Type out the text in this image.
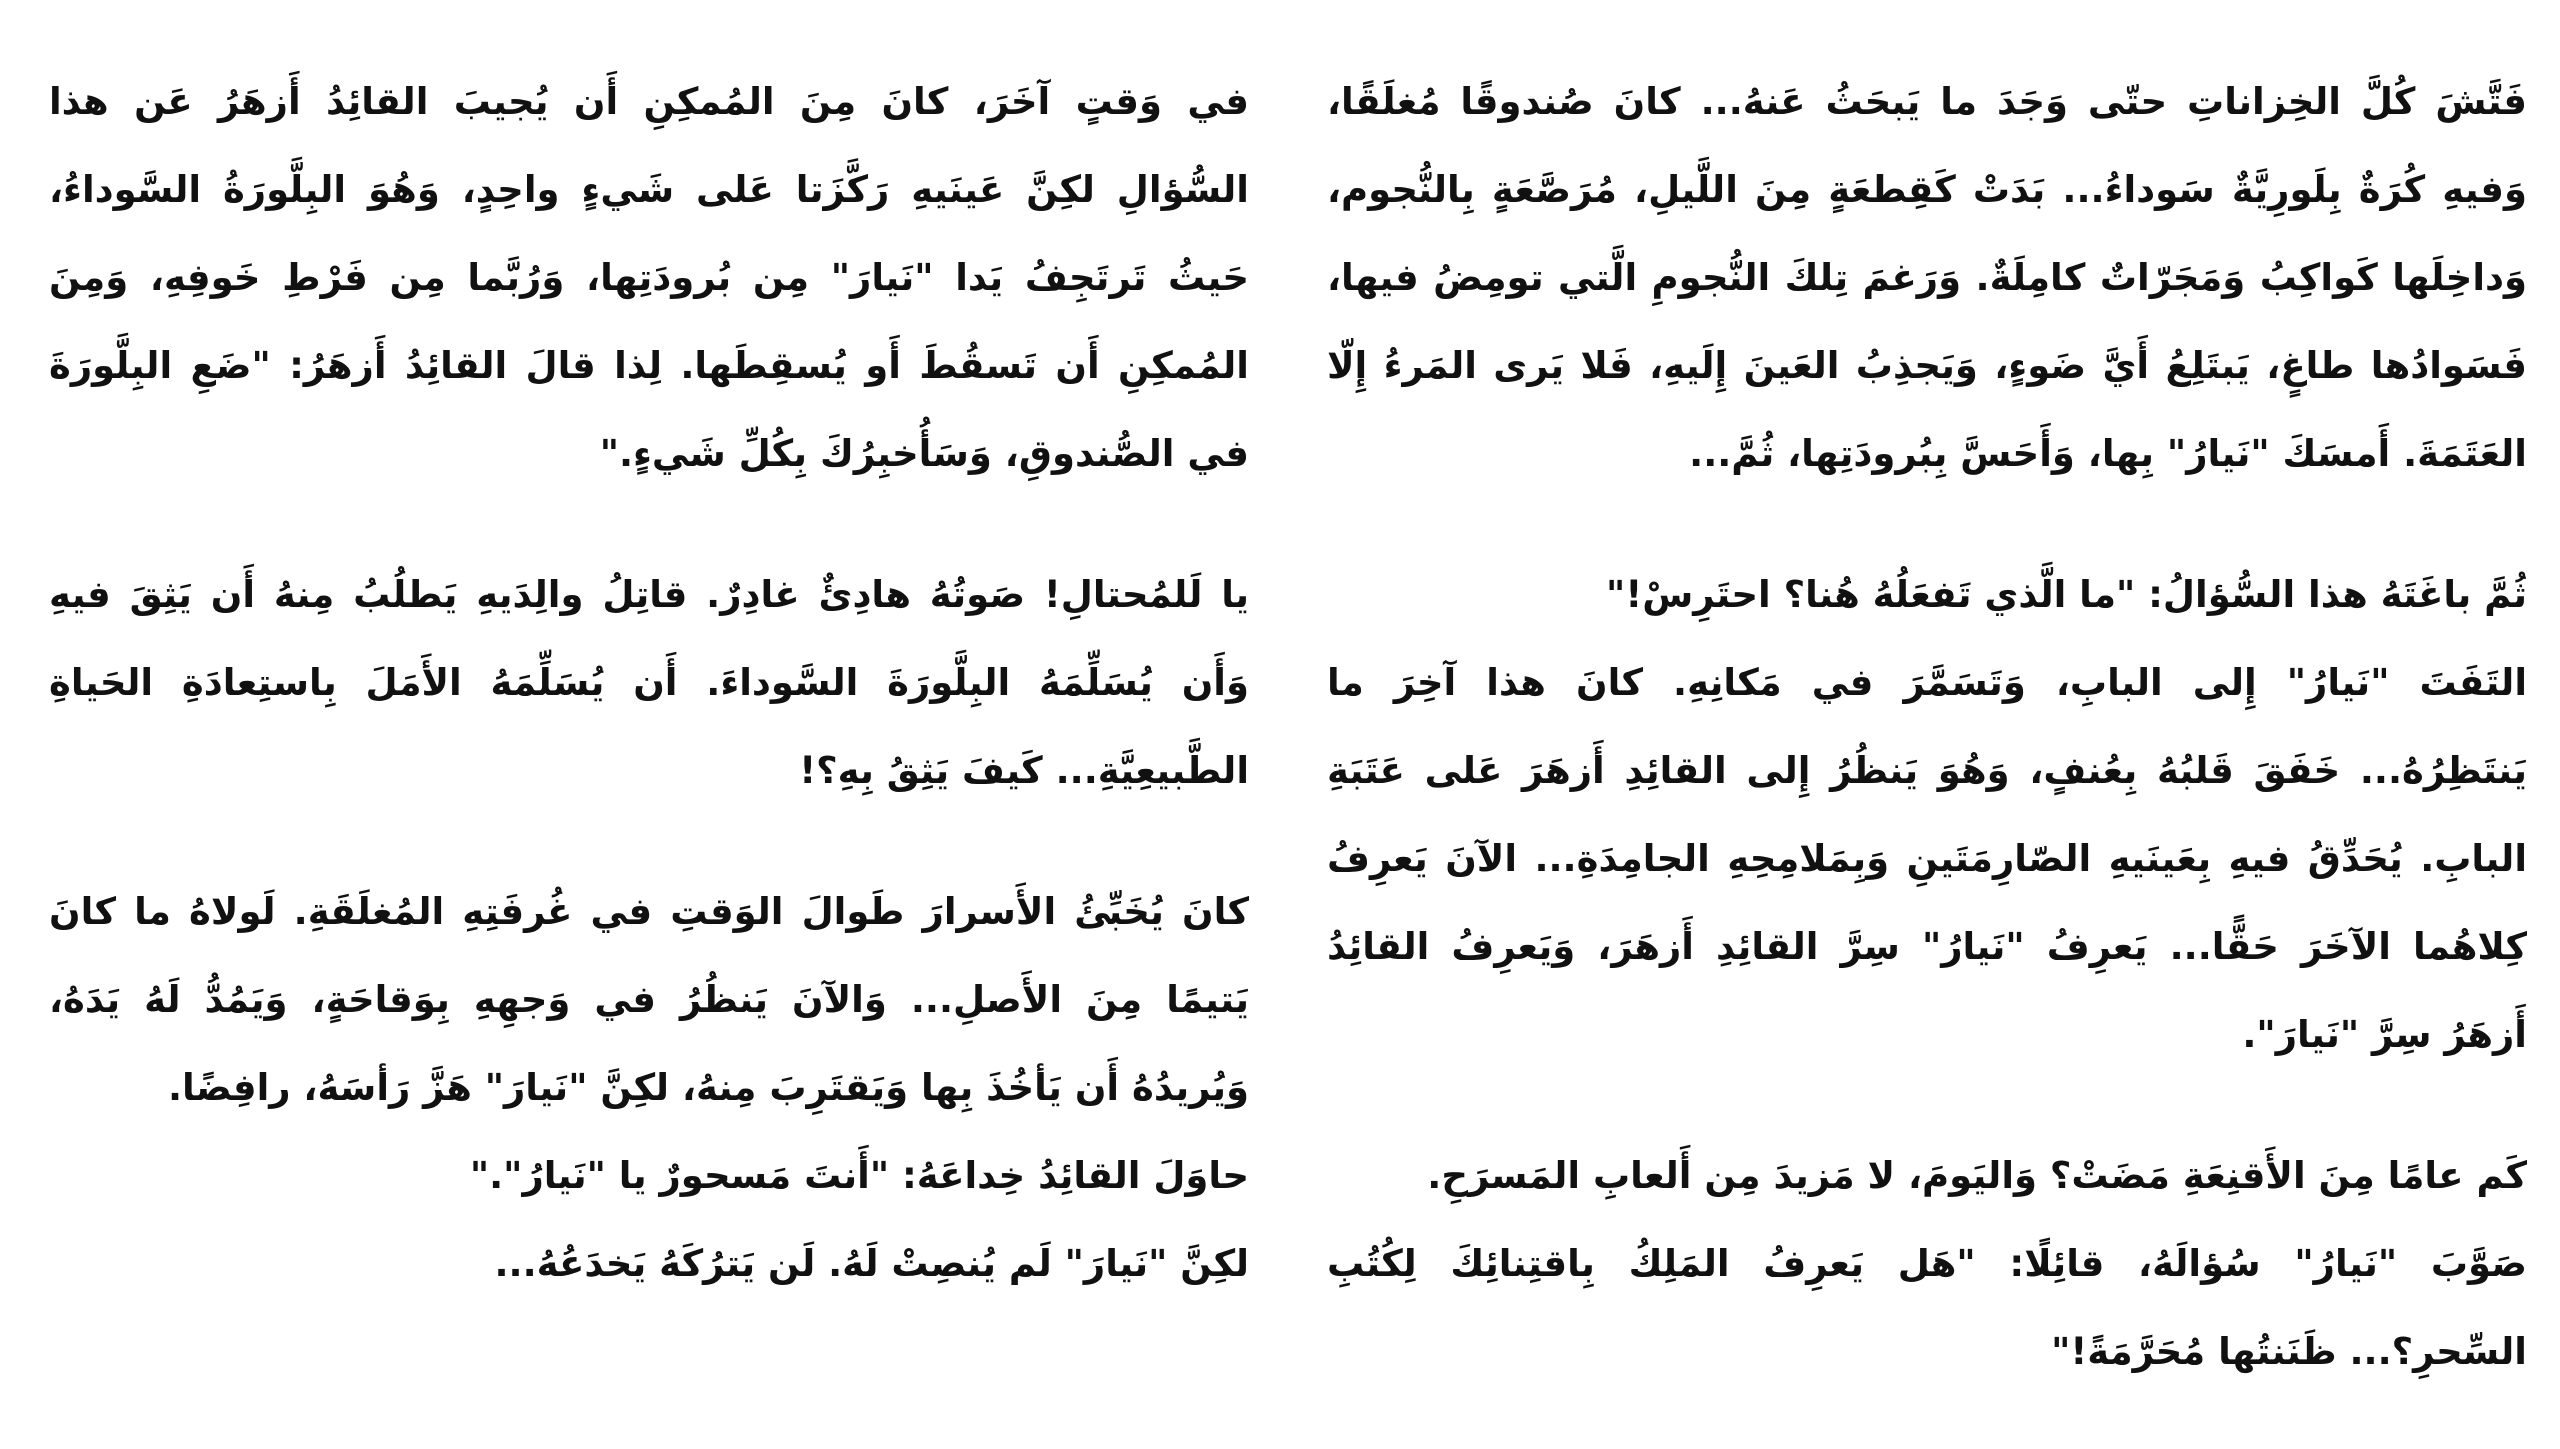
فَتَّشَ كُلَّ الخِزاناتِ حتّى وَجَدَ ما يَبحَثُ عَنهُ... كانَ صُندوقًا مُغلَقًا، وَفيهِ كُرَةٌ بِلَورِيَّةٌ سَوداءُ... بَدَتْ كَقِطعَةٍ مِنَ اللَّيلِ، مُرَصَّعَةٍ بِالنُّجوم، وَداخِلَها كَواكِبُ وَمَجَرّاتٌ كامِلَةٌ. وَرَغمَ تِلكَ النُّجومِ الَّتي تومِضُ فيها، فَسَوادُها طاغٍ، يَبتَلِعُ أَيَّ ضَوءٍ، وَيَجذِبُ العَينَ إِلَيهِ، فَلا يَرى المَرءُ إِلّا العَتَمَةَ. أَمسَكَ "نَيارُ" بِها، وَأَحَسَّ بِبُرودَتِها، ثُمَّ...

ثُمَّ باغَتَهُ هذا السُّؤالُ: "ما الَّذي تَفعَلُهُ هُنا؟ احتَرِسْ!"

التَفَتَ "نَيارُ" إِلى البابِ، وَتَسَمَّرَ في مَكانِهِ. كانَ هذا آخِرَ ما يَنتَظِرُهُ... خَفَقَ قَلبُهُ بِعُنفٍ، وَهُوَ يَنظُرُ إِلى القائِدِ أَزهَرَ عَلى عَتَبَةِ البابِ. يُحَدِّقُ فيهِ بِعَينَيهِ الصّارِمَتَينِ وَبِمَلامِحِهِ الجامِدَةِ... الآنَ يَعرِفُ كِلاهُما الآخَرَ حَقًّا... يَعرِفُ "نَيارُ" سِرَّ القائِدِ أَزهَرَ، وَيَعرِفُ القائِدُ أَزهَرُ سِرَّ "نَيارَ".

كَم عامًا مِنَ الأَقنِعَةِ مَضَتْ؟ وَاليَومَ، لا مَزيدَ مِن أَلعابِ المَسرَحِ.

صَوَّبَ "نَيارُ" سُؤالَهُ، قائِلًا: "هَل يَعرِفُ المَلِكُ بِاقتِنائِكَ لِكُتُبِ السِّحرِ؟... ظَنَنتُها مُحَرَّمَةً!"

في وَقتٍ آخَرَ، كانَ مِنَ المُمكِنِ أَن يُجيبَ القائِدُ أَزهَرُ عَن هذا السُّؤالِ لكِنَّ عَينَيهِ رَكَّزَتا عَلى شَيءٍ واحِدٍ، وَهُوَ البِلَّورَةُ السَّوداءُ، حَيثُ تَرتَجِفُ يَدا "نَيارَ" مِن بُرودَتِها، وَرُبَّما مِن فَرْطِ خَوفِهِ، وَمِنَ المُمكِنِ أَن تَسقُطَ أَو يُسقِطَها. لِذا قالَ القائِدُ أَزهَرُ: "ضَعِ البِلَّورَةَ في الصُّندوقِ، وَسَأُخبِرُكَ بِكُلِّ شَيءٍ."

يا لَلمُحتالِ! صَوتُهُ هادِئٌ غادِرٌ. قاتِلُ والِدَيهِ يَطلُبُ مِنهُ أَن يَثِقَ فيهِ وَأَن يُسَلِّمَهُ البِلَّورَةَ السَّوداءَ. أَن يُسَلِّمَهُ الأَمَلَ بِاستِعادَةِ الحَياةِ الطَّبيعِيَّةِ... كَيفَ يَثِقُ بِهِ؟!

كانَ يُخَبِّئُ الأَسرارَ طَوالَ الوَقتِ في غُرفَتِهِ المُغلَقَةِ. لَولاهُ ما كانَ يَتيمًا مِنَ الأَصلِ... وَالآنَ يَنظُرُ في وَجهِهِ بِوَقاحَةٍ، وَيَمُدُّ لَهُ يَدَهُ، وَيُريدُهُ أَن يَأخُذَ بِها وَيَقتَرِبَ مِنهُ، لكِنَّ "نَيارَ" هَزَّ رَأسَهُ، رافِضًا.

حاوَلَ القائِدُ خِداعَهُ: "أَنتَ مَسحورٌ يا "نَيارُ"."

لكِنَّ "نَيارَ" لَم يُنصِتْ لَهُ. لَن يَترُكَهُ يَخدَعُهُ...
